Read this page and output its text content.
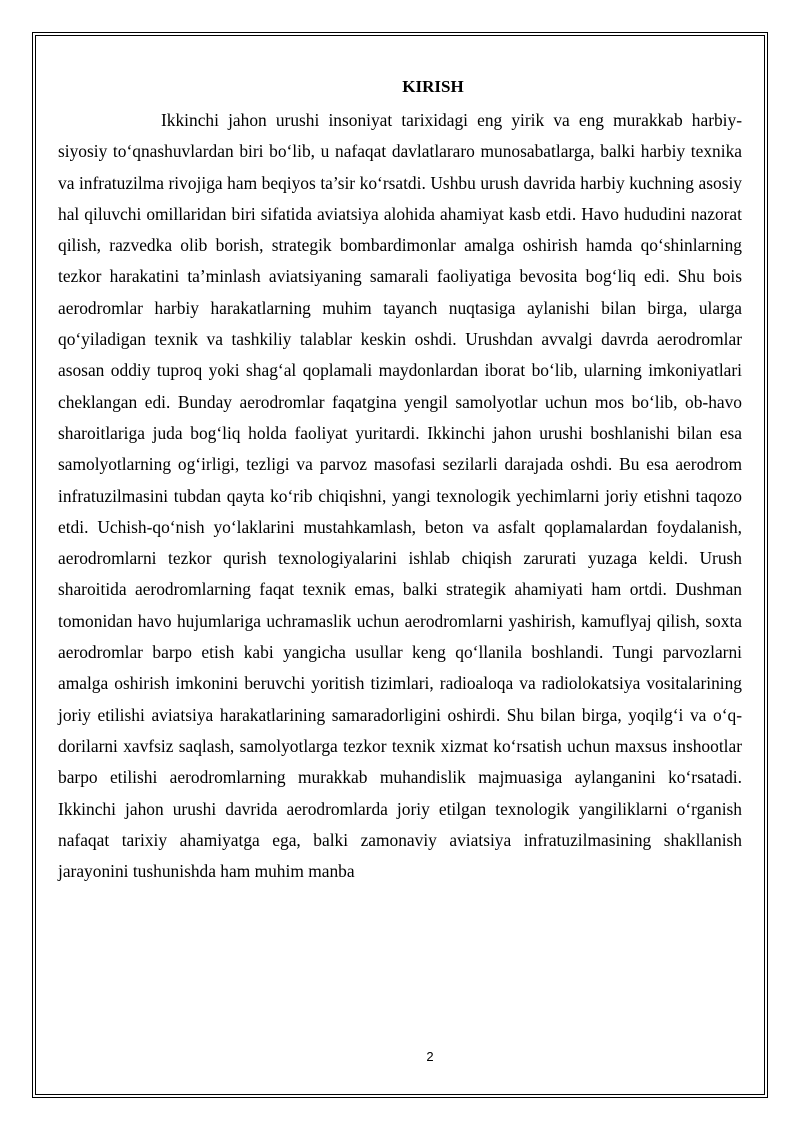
KIRISH

Ikkinchi jahon urushi insoniyat tarixidagi eng yirik va eng murakkab harbiy-siyosiy to‘qnashuvlardan biri bo‘lib, u nafaqat davlatlararo munosabatlarga, balki harbiy texnika va infratuzilma rivojiga ham beqiyos ta’sir ko‘rsatdi. Ushbu urush davrida harbiy kuchning asosiy hal qiluvchi omillaridan biri sifatida aviatsiya alohida ahamiyat kasb etdi. Havo hududini nazorat qilish, razvedka olib borish, strategik bombardimonlar amalga oshirish hamda qo‘shinlarning tezkor harakatini ta’minlash aviatsiyaning samarali faoliyatiga bevosita bog‘liq edi. Shu bois aerodromlar harbiy harakatlarning muhim tayanch nuqtasiga aylanishi bilan birga, ularga qo‘yiladigan texnik va tashkiliy talablar keskin oshdi. Urushdan avvalgi davrda aerodromlar asosan oddiy tuproq yoki shag‘al qoplamali maydonlardan iborat bo‘lib, ularning imkoniyatlari cheklangan edi. Bunday aerodromlar faqatgina yengil samolyotlar uchun mos bo‘lib, ob-havo sharoitlariga juda bog‘liq holda faoliyat yuritardi. Ikkinchi jahon urushi boshlanishi bilan esa samolyotlarning og‘irligi, tezligi va parvoz masofasi sezilarli darajada oshdi. Bu esa aerodrom infratuzilmasini tubdan qayta ko‘rib chiqishni, yangi texnologik yechimlarni joriy etishni taqozo etdi. Uchish-qo‘nish yo‘laklarini mustahkamlash, beton va asfalt qoplamalardan foydalanish, aerodromlarni tezkor qurish texnologiyalarini ishlab chiqish zarurati yuzaga keldi. Urush sharoitida aerodromlarning faqat texnik emas, balki strategik ahamiyati ham ortdi. Dushman tomonidan havo hujumlariga uchramaslik uchun aerodromlarni yashirish, kamuflyaj qilish, soxta aerodromlar barpo etish kabi yangicha usullar keng qo‘llanila boshlandi. Tungi parvozlarni amalga oshirish imkonini beruvchi yoritish tizimlari, radioaloqa va radiolokatsiya vositalarining joriy etilishi aviatsiya harakatlarining samaradorligini oshirdi. Shu bilan birga, yoqilg‘i va o‘q-dorilarni xavfsiz saqlash, samolyotlarga tezkor texnik xizmat ko‘rsatish uchun maxsus inshootlar barpo etilishi aerodromlarning murakkab muhandislik majmuasiga aylanganini ko‘rsatadi. Ikkinchi jahon urushi davrida aerodromlarda joriy etilgan texnologik yangiliklarni o‘rganish nafaqat tarixiy ahamiyatga ega, balki zamonaviy aviatsiya infratuzilmasining shakllanish jarayonini tushunishda ham muhim manba

2
